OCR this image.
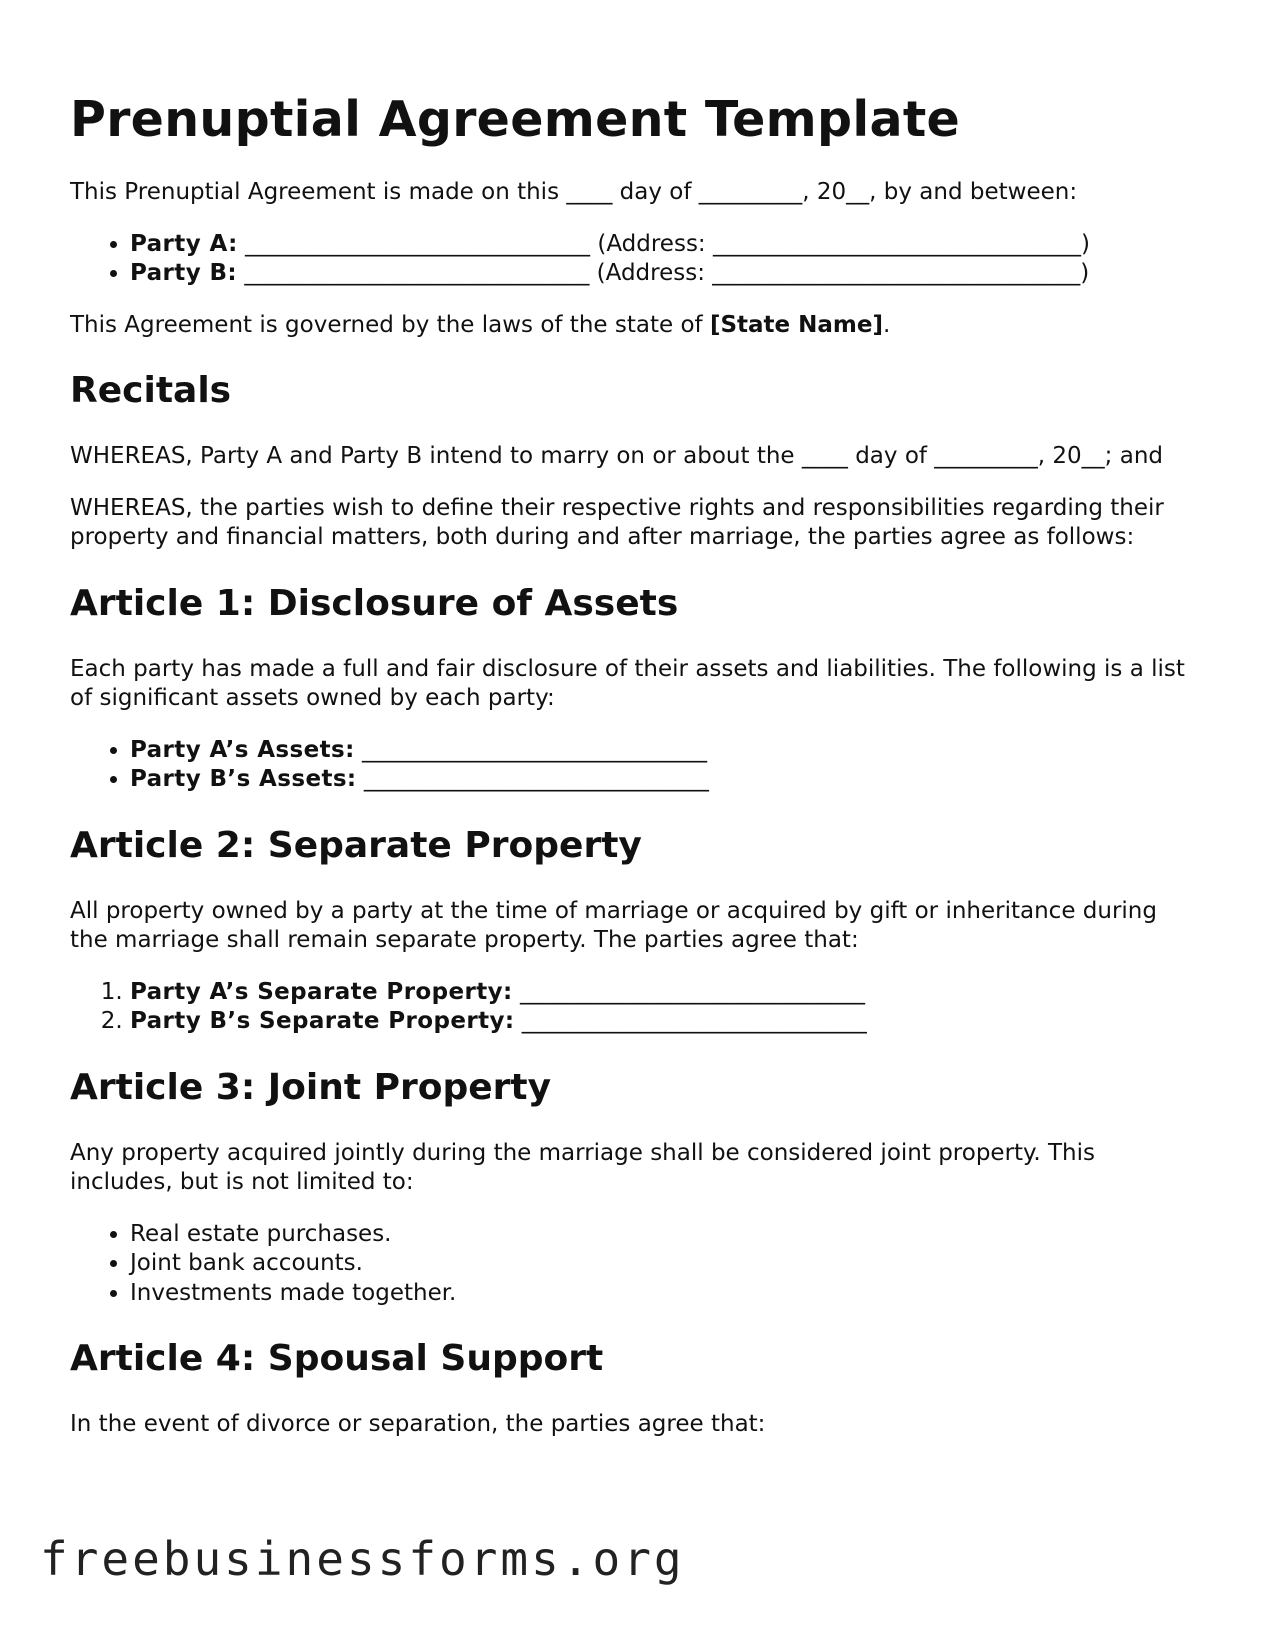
Prenuptial Agreement Template

This Prenuptial Agreement is made on this ____ day of _________, 20__, by and between:

• Party A: ______________________________ (Address: ________________________________)
• Party B: ______________________________ (Address: ________________________________)

This Agreement is governed by the laws of the state of [State Name].

Recitals

WHEREAS, Party A and Party B intend to marry on or about the ____ day of _________, 20__; and

WHEREAS, the parties wish to define their respective rights and responsibilities regarding their property and financial matters, both during and after marriage, the parties agree as follows:

Article 1: Disclosure of Assets

Each party has made a full and fair disclosure of their assets and liabilities. The following is a list of significant assets owned by each party:

• Party A’s Assets: ______________________________
• Party B’s Assets: ______________________________
Article 2: Separate Property

All property owned by a party at the time of marriage or acquired by gift or inheritance during the marriage shall remain separate property. The parties agree that:

1. Party A’s Separate Property: ______________________________
2. Party B’s Separate Property: ______________________________
Article 3: Joint Property

Any property acquired jointly during the marriage shall be considered joint property. This includes, but is not limited to:

• Real estate purchases.
• Joint bank accounts.
• Investments made together.
Article 4: Spousal Support

In the event of divorce or separation, the parties agree that:

freebusinessforms.org
